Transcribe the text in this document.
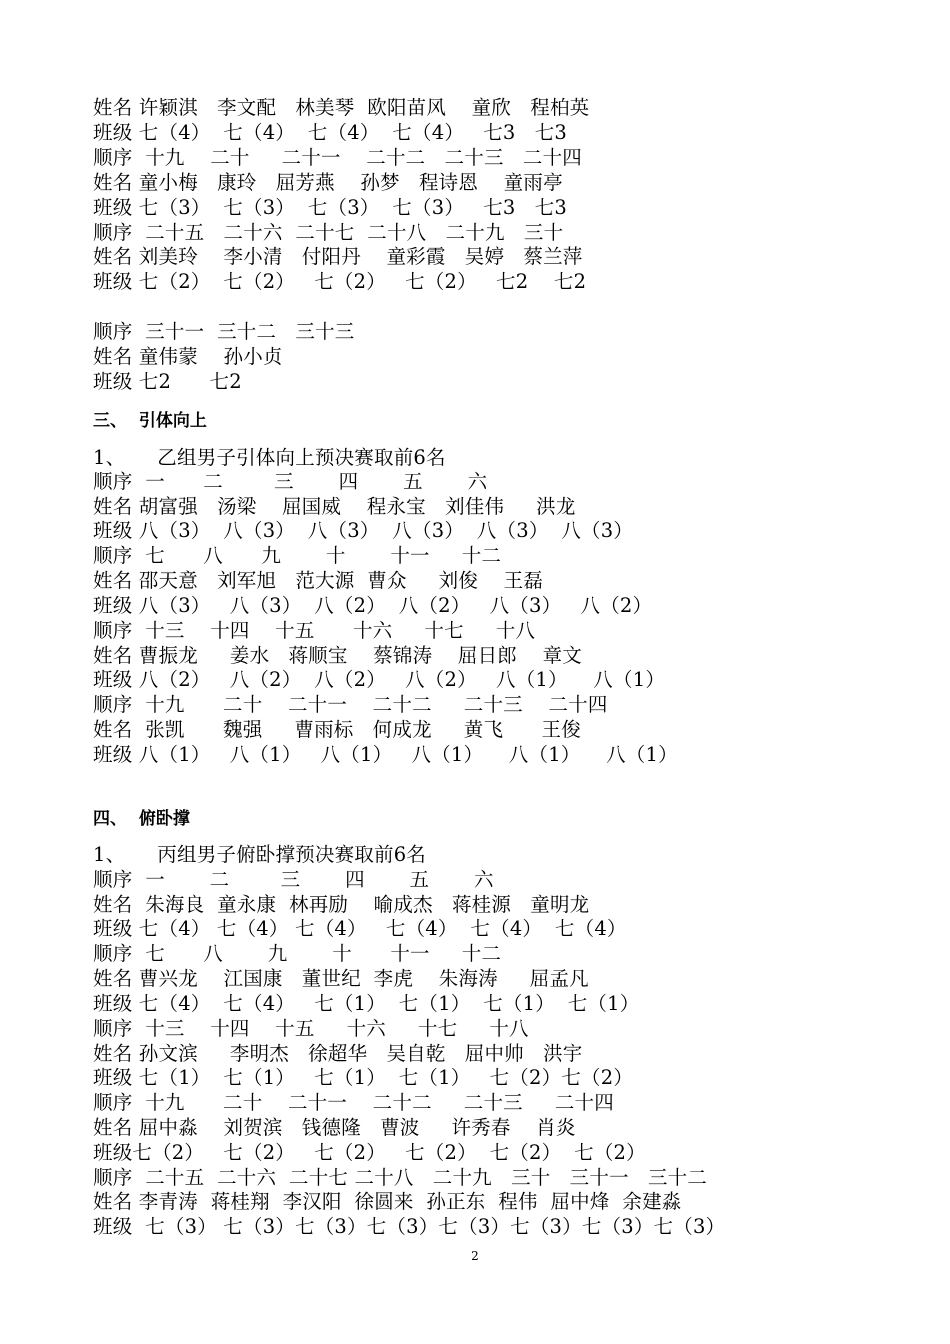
姓名 许颖淇   李文配   林美琴  欧阳苗风    童欣   程柏英
班级 七（4）  七（4）  七（4）  七（4）   七3   七3
顺序  十九    二十     二十一    二十二   二十三   二十四
姓名 童小梅   康玲   屈芳燕    孙梦   程诗恩    童雨亭
班级 七（3）  七（3）  七（3）  七（3）   七3   七3
顺序  二十五   二十六  二十七  二十八   二十九   三十
姓名 刘美玲    李小清   付阳丹    童彩霞   吴婷   蔡兰萍
班级 七（2）  七（2）   七（2）   七（2）   七2    七2
顺序  三十一  三十二   三十三
姓名 童伟蒙    孙小贞
班级 七2      七2
三、  引体向上
1、     乙组男子引体向上预决赛取前6名
顺序  一      二        三       四       五       六
姓名 胡富强   汤梁    屈国威    程永宝   刘佳伟     洪龙
班级 八（3）  八（3）  八（3）  八（3）  八（3）  八（3）
顺序  七      八      九       十       十一     十二
姓名 邵天意   刘军旭   范大源  曹众     刘俊    王磊
班级 八（3）   八（3）  八（2）  八（2）   八（3）   八（2）
顺序  十三    十四    十五      十六     十七     十八
姓名 曹振龙     姜水   蒋顺宝    蔡锦涛    屈日郎    章文
班级 八（2）   八（2）  八（2）   八（2）   八（1）    八（1）
顺序  十九      二十    二十一    二十二     二十三    二十四
姓名  张凯      魏强     曹雨标   何成龙     黄飞      王俊
班级 八（1）   八（1）   八（1）   八（1）    八（1）    八（1）
四、  俯卧撑
1、     丙组男子俯卧撑预决赛取前6名
顺序  一       二        三       四       五       六
姓名  朱海良  童永康  林再励    喻成杰   蒋桂源   童明龙
班级 七（4） 七（4） 七（4）   七（4）  七（4）  七（4）
顺序  七      八       九       十      十一     十二
姓名 曹兴龙    江国康   董世纪  李虎    朱海涛     屈孟凡
班级 七（4）  七（4）   七（1）  七（1）  七（1）  七（1）
顺序  十三    十四    十五     十六     十七     十八
姓名 孙文滨     李明杰   徐超华   吴自乾   屈中帅   洪宇
班级 七（1）  七（1）   七（1）  七（1）   七（2）七（2）
顺序  十九      二十    二十一    二十二     二十三     二十四
姓名 屈中淼    刘贺滨   钱德隆   曹波     许秀春    肖炎
班级七（2）   七（2）   七（2）   七（2）  七（2）  七（2）
顺序  二十五  二十六  二十七 二十八   二十九   三十   三十一   三十二
姓名 李青涛  蒋桂翔  李汉阳  徐圆来  孙正东  程伟  屈中烽  余建淼
班级  七（3） 七（3）七（3）七（3）七（3）七（3）七（3）七（3）
2
